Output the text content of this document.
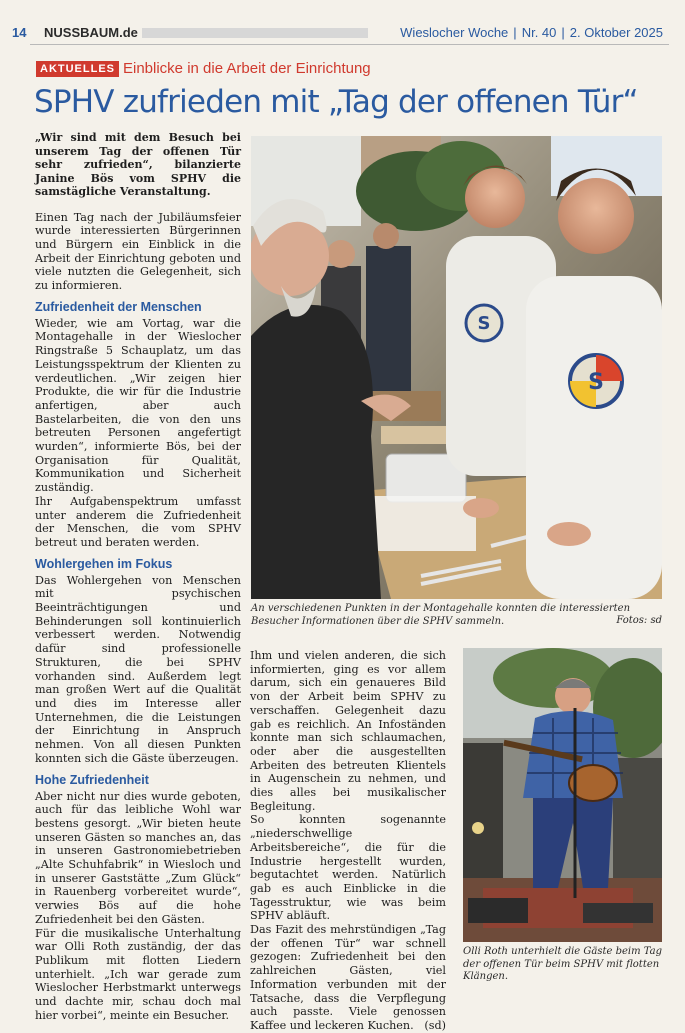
14 NUSSBAUM.de	Wieslocher Woche | Nr. 40 | 2. Oktober 2025
AKTUELLES Einblicke in die Arbeit der Einrichtung
SPHV zufrieden mit „Tag der offenen Tür“

„Wir sind mit dem Besuch bei unserem Tag der offenen Tür sehr zufrieden“, bilanzierte Janine Bös vom SPHV die samstägliche Veranstaltung.

Einen Tag nach der Jubiläumsfeier wurde interessierten Bürgerinnen und Bürgern ein Einblick in die Arbeit der Einrichtung geboten und viele nutzten die Gelegenheit, sich zu informieren.

Zufriedenheit der Menschen

Wieder, wie am Vortag, war die Montagehalle in der Wieslocher Ringstraße 5 Schauplatz, um das Leistungsspektrum der Klienten zu verdeutlichen. „Wir zeigen hier Produkte, die wir für die Industrie anfertigen, aber auch Bastelarbeiten, die von den uns betreuten Personen angefertigt wurden“, informierte Bös, bei der Organisation für Qualität, Kommunikation und Sicherheit zuständig.

Ihr Aufgabenspektrum umfasst unter anderem die Zufriedenheit der Menschen, die vom SPHV betreut und beraten werden.

Wohlergehen im Fokus

Das Wohlergehen von Menschen mit psychischen Beeinträchtigungen und Behinderungen soll kontinuierlich verbessert werden. Notwendig dafür sind professionelle Strukturen, die bei SPHV vorhanden sind. Außerdem legt man großen Wert auf die Qualität und dies im Interesse aller Unternehmen, die die Leistungen der Einrichtung in Anspruch nehmen. Von all diesen Punkten konnten sich die Gäste überzeugen.

Hohe Zufriedenheit

Aber nicht nur dies wurde geboten, auch für das leibliche Wohl war bestens gesorgt. „Wir bieten heute unseren Gästen so manches an, das in unseren Gastronomiebetrieben „Alte Schuhfabrik“ in Wiesloch und in unserer Gaststätte „Zum Glück“ in Rauenberg vorbereitet wurde“, verwies Bös auf die hohe Zufriedenheit bei den Gästen.

Für die musikalische Unterhaltung war Olli Roth zuständig, der das Publikum mit flotten Liedern unterhielt. „Ich war gerade zum Wieslocher Herbstmarkt unterwegs und dachte mir, schau doch mal hier vorbei“, meinte ein Besucher.

S
S
An verschiedenen Punkten in der Montagehalle konnten die interessierten Besucher Informationen über die SPHV sammeln.	Fotos: sd

Ihm und vielen anderen, die sich informierten, ging es vor allem darum, sich ein genaueres Bild von der Arbeit beim SPHV zu verschaffen. Gelegenheit dazu gab es reichlich. An Infoständen konnte man sich schlaumachen, oder aber die ausgestellten Arbeiten des betreuten Klientels in Augenschein zu nehmen, und dies alles bei musikalischer Begleitung.

So konnten sogenannte „niederschwellige Arbeitsbereiche“, die für die Industrie hergestellt wurden, begutachtet werden. Natürlich gab es auch Einblicke in die Tagesstruktur, wie was beim SPHV abläuft.

Das Fazit des mehrstündigen „Tag der offenen Tür“ war schnell gezogen: Zufriedenheit bei den zahlreichen Gästen, viel Information verbunden mit der Tatsache, dass die Verpflegung auch passte. Viele genossen Kaffee und leckeren Kuchen. (sd)

Olli Roth unterhielt die Gäste beim Tag der offenen Tür beim SPHV mit flotten Klängen.
